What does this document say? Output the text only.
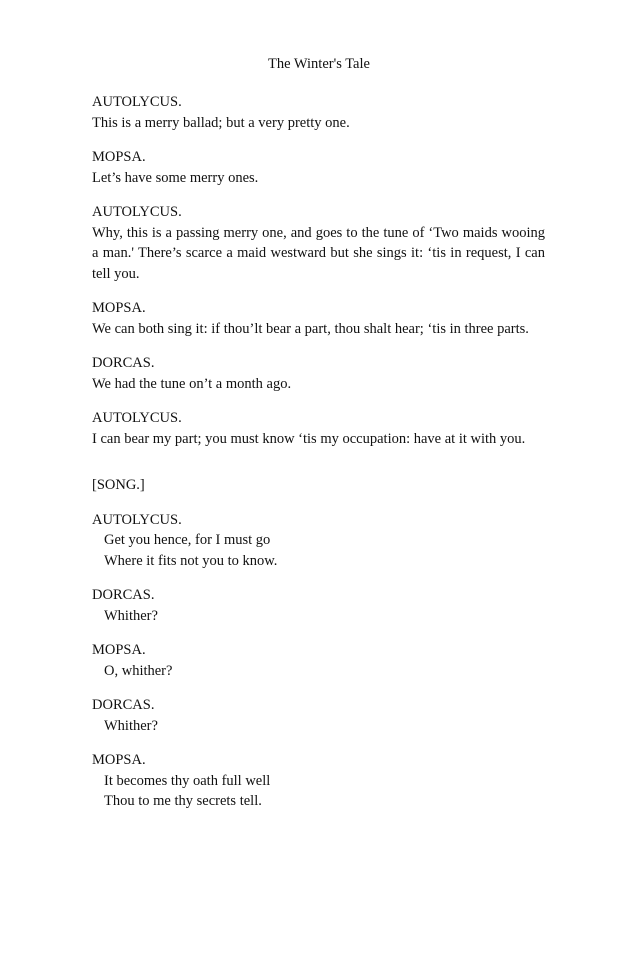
The Winter's Tale
AUTOLYCUS.
This is a merry ballad; but a very pretty one.
MOPSA.
Let’s have some merry ones.
AUTOLYCUS.
Why, this is a passing merry one, and goes to the tune of ‘Two maids wooing a man.' There’s scarce a maid westward but she sings it: ‘tis in request, I can tell you.
MOPSA.
We can both sing it: if thou’lt bear a part, thou shalt hear; ‘tis in three parts.
DORCAS.
We had the tune on’t a month ago.
AUTOLYCUS.
I can bear my part; you must know ‘tis my occupation: have at it with you.
[SONG.]
AUTOLYCUS.
Get you hence, for I must go
Where it fits not you to know.
DORCAS.
Whither?
MOPSA.
O, whither?
DORCAS.
Whither?
MOPSA.
It becomes thy oath full well
Thou to me thy secrets tell.
